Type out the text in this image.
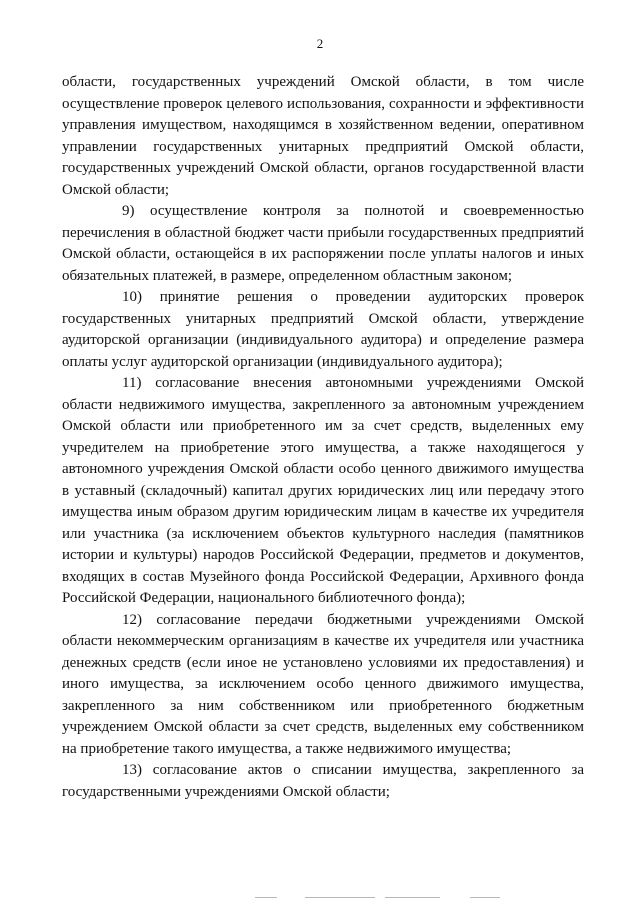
2

области, государственных учреждений Омской области, в том числе осуществление проверок целевого использования, сохранности и эффективности управления имуществом, находящимся в хозяйственном ведении, оперативном управлении государственных унитарных предприятий Омской области, государственных учреждений Омской области, органов государственной власти Омской области;

9) осуществление контроля за полнотой и своевременностью перечисления в областной бюджет части прибыли государственных предприятий Омской области, остающейся в их распоряжении после уплаты налогов и иных обязательных платежей, в размере, определенном областным законом;

10) принятие решения о проведении аудиторских проверок государственных унитарных предприятий Омской области, утверждение аудиторской организации (индивидуального аудитора) и определение размера оплаты услуг аудиторской организации (индивидуального аудитора);

11) согласование внесения автономными учреждениями Омской области недвижимого имущества, закрепленного за автономным учреждением Омской области или приобретенного им за счет средств, выделенных ему учредителем на приобретение этого имущества, а также находящегося у автономного учреждения Омской области особо ценного движимого имущества в уставный (складочный) капитал других юридических лиц или передачу этого имущества иным образом другим юридическим лицам в качестве их учредителя или участника (за исключением объектов культурного наследия (памятников истории и культуры) народов Российской Федерации, предметов и документов, входящих в состав Музейного фонда Российской Федерации, Архивного фонда Российской Федерации, национального библиотечного фонда);

12) согласование передачи бюджетными учреждениями Омской области некоммерческим организациям в качестве их учредителя или участника денежных средств (если иное не установлено условиями их предоставления) и иного имущества, за исключением особо ценного движимого имущества, закрепленного за ним собственником или приобретенного бюджетным учреждением Омской области за счет средств, выделенных ему собственником на приобретение такого имущества, а также недвижимого имущества;

13) согласование актов о списании имущества, закрепленного за государственными учреждениями Омской области;
